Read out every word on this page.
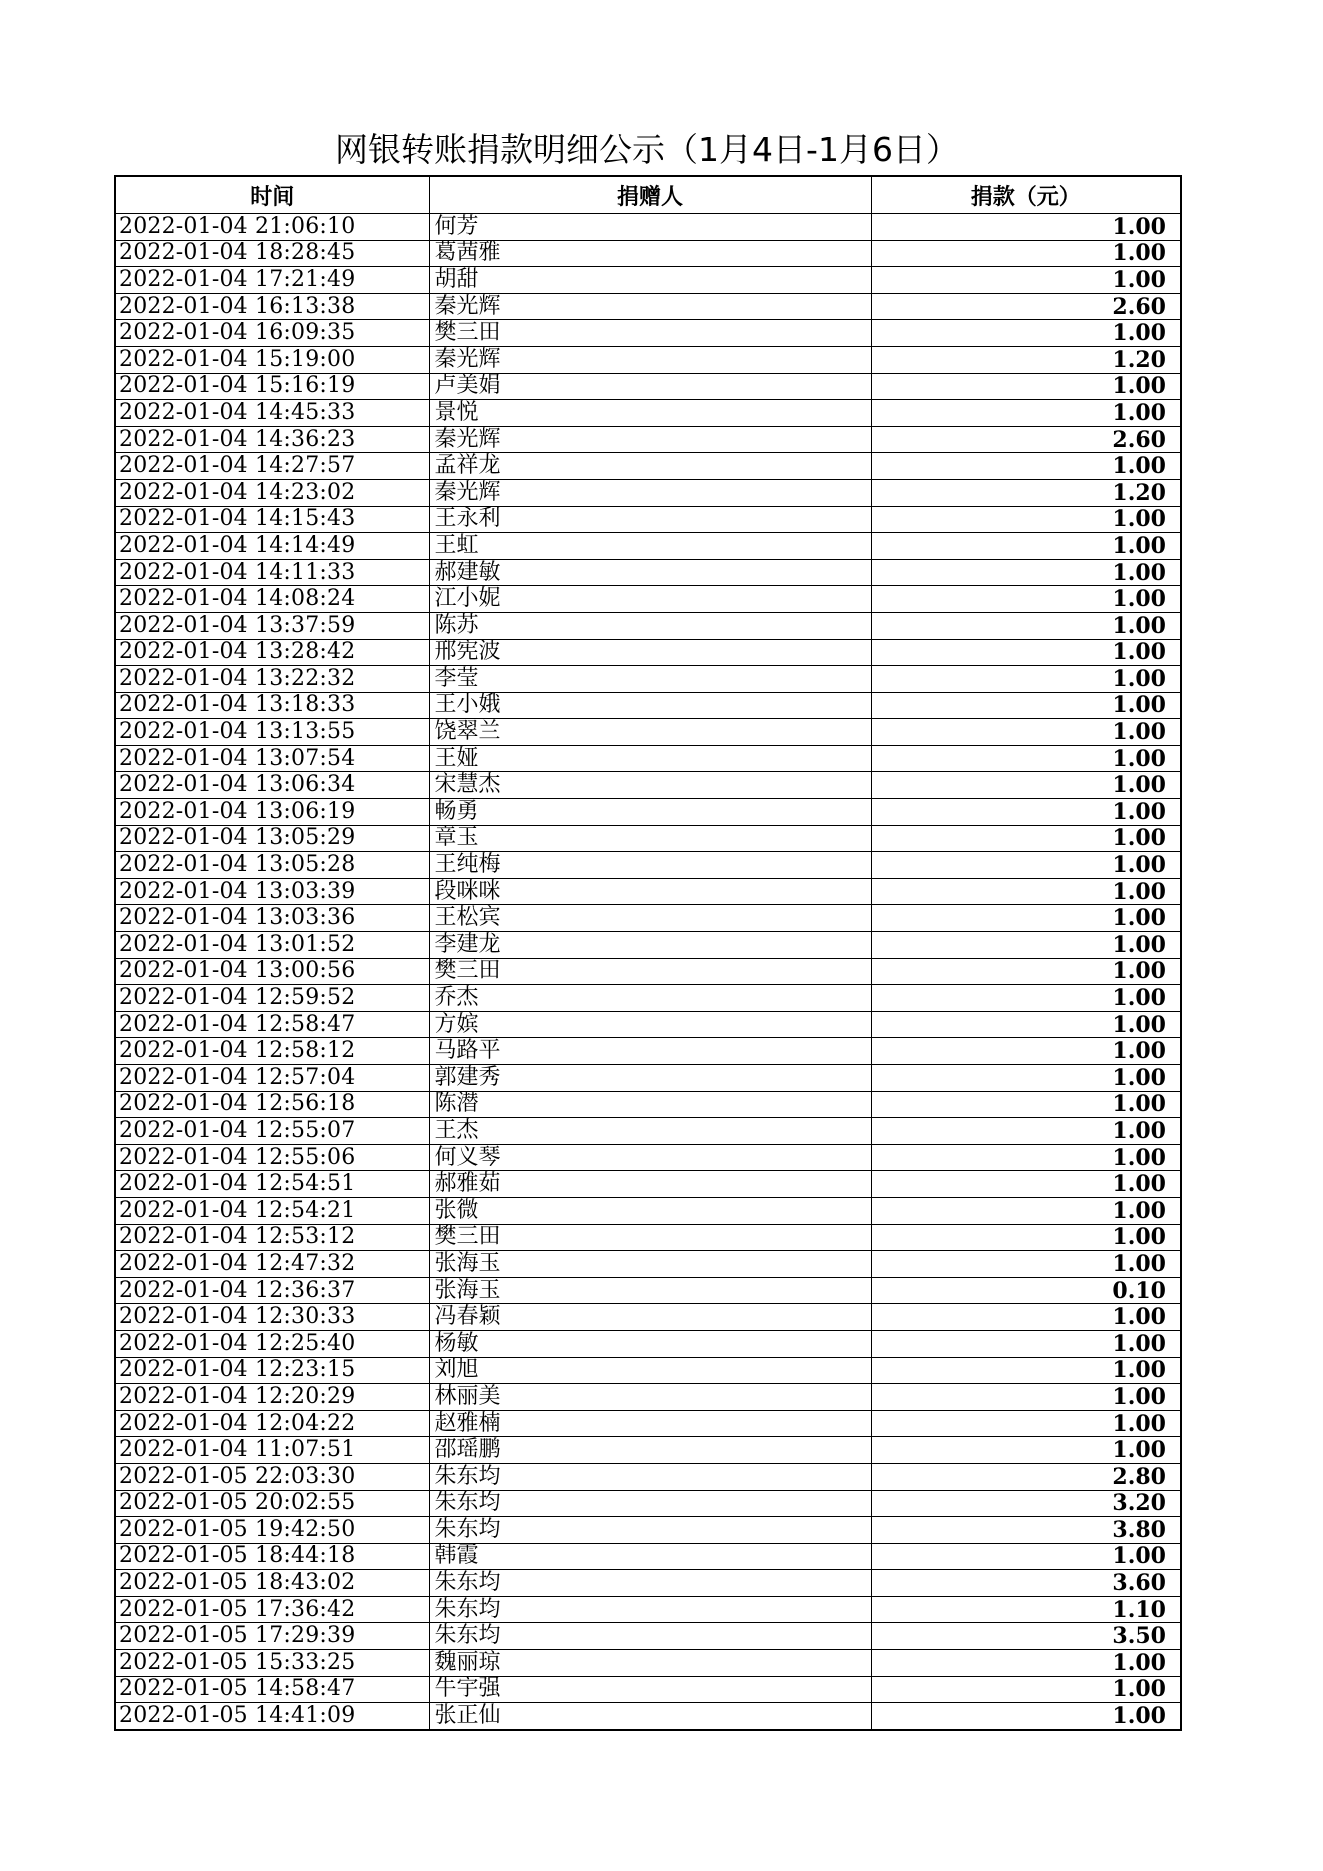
网银转账捐款明细公示（1月4日-1月6日）
时间	捐赠人	捐款（元）
2022-01-04 21:06:10	何芳	1.00
2022-01-04 18:28:45	葛茜雅	1.00
2022-01-04 17:21:49	胡甜	1.00
2022-01-04 16:13:38	秦光辉	2.60
2022-01-04 16:09:35	樊三田	1.00
2022-01-04 15:19:00	秦光辉	1.20
2022-01-04 15:16:19	卢美娟	1.00
2022-01-04 14:45:33	景悦	1.00
2022-01-04 14:36:23	秦光辉	2.60
2022-01-04 14:27:57	孟祥龙	1.00
2022-01-04 14:23:02	秦光辉	1.20
2022-01-04 14:15:43	王永利	1.00
2022-01-04 14:14:49	王虹	1.00
2022-01-04 14:11:33	郝建敏	1.00
2022-01-04 14:08:24	江小妮	1.00
2022-01-04 13:37:59	陈苏	1.00
2022-01-04 13:28:42	邢宪波	1.00
2022-01-04 13:22:32	李莹	1.00
2022-01-04 13:18:33	王小娥	1.00
2022-01-04 13:13:55	饶翠兰	1.00
2022-01-04 13:07:54	王娅	1.00
2022-01-04 13:06:34	宋慧杰	1.00
2022-01-04 13:06:19	畅勇	1.00
2022-01-04 13:05:29	章玉	1.00
2022-01-04 13:05:28	王纯梅	1.00
2022-01-04 13:03:39	段咪咪	1.00
2022-01-04 13:03:36	王松宾	1.00
2022-01-04 13:01:52	李建龙	1.00
2022-01-04 13:00:56	樊三田	1.00
2022-01-04 12:59:52	乔杰	1.00
2022-01-04 12:58:47	方嫔	1.00
2022-01-04 12:58:12	马路平	1.00
2022-01-04 12:57:04	郭建秀	1.00
2022-01-04 12:56:18	陈潜	1.00
2022-01-04 12:55:07	王杰	1.00
2022-01-04 12:55:06	何义琴	1.00
2022-01-04 12:54:51	郝雅茹	1.00
2022-01-04 12:54:21	张微	1.00
2022-01-04 12:53:12	樊三田	1.00
2022-01-04 12:47:32	张海玉	1.00
2022-01-04 12:36:37	张海玉	0.10
2022-01-04 12:30:33	冯春颖	1.00
2022-01-04 12:25:40	杨敏	1.00
2022-01-04 12:23:15	刘旭	1.00
2022-01-04 12:20:29	林丽美	1.00
2022-01-04 12:04:22	赵雅楠	1.00
2022-01-04 11:07:51	邵瑶鹏	1.00
2022-01-05 22:03:30	朱东均	2.80
2022-01-05 20:02:55	朱东均	3.20
2022-01-05 19:42:50	朱东均	3.80
2022-01-05 18:44:18	韩霞	1.00
2022-01-05 18:43:02	朱东均	3.60
2022-01-05 17:36:42	朱东均	1.10
2022-01-05 17:29:39	朱东均	3.50
2022-01-05 15:33:25	魏丽琼	1.00
2022-01-05 14:58:47	牛宇强	1.00
2022-01-05 14:41:09	张正仙	1.00
